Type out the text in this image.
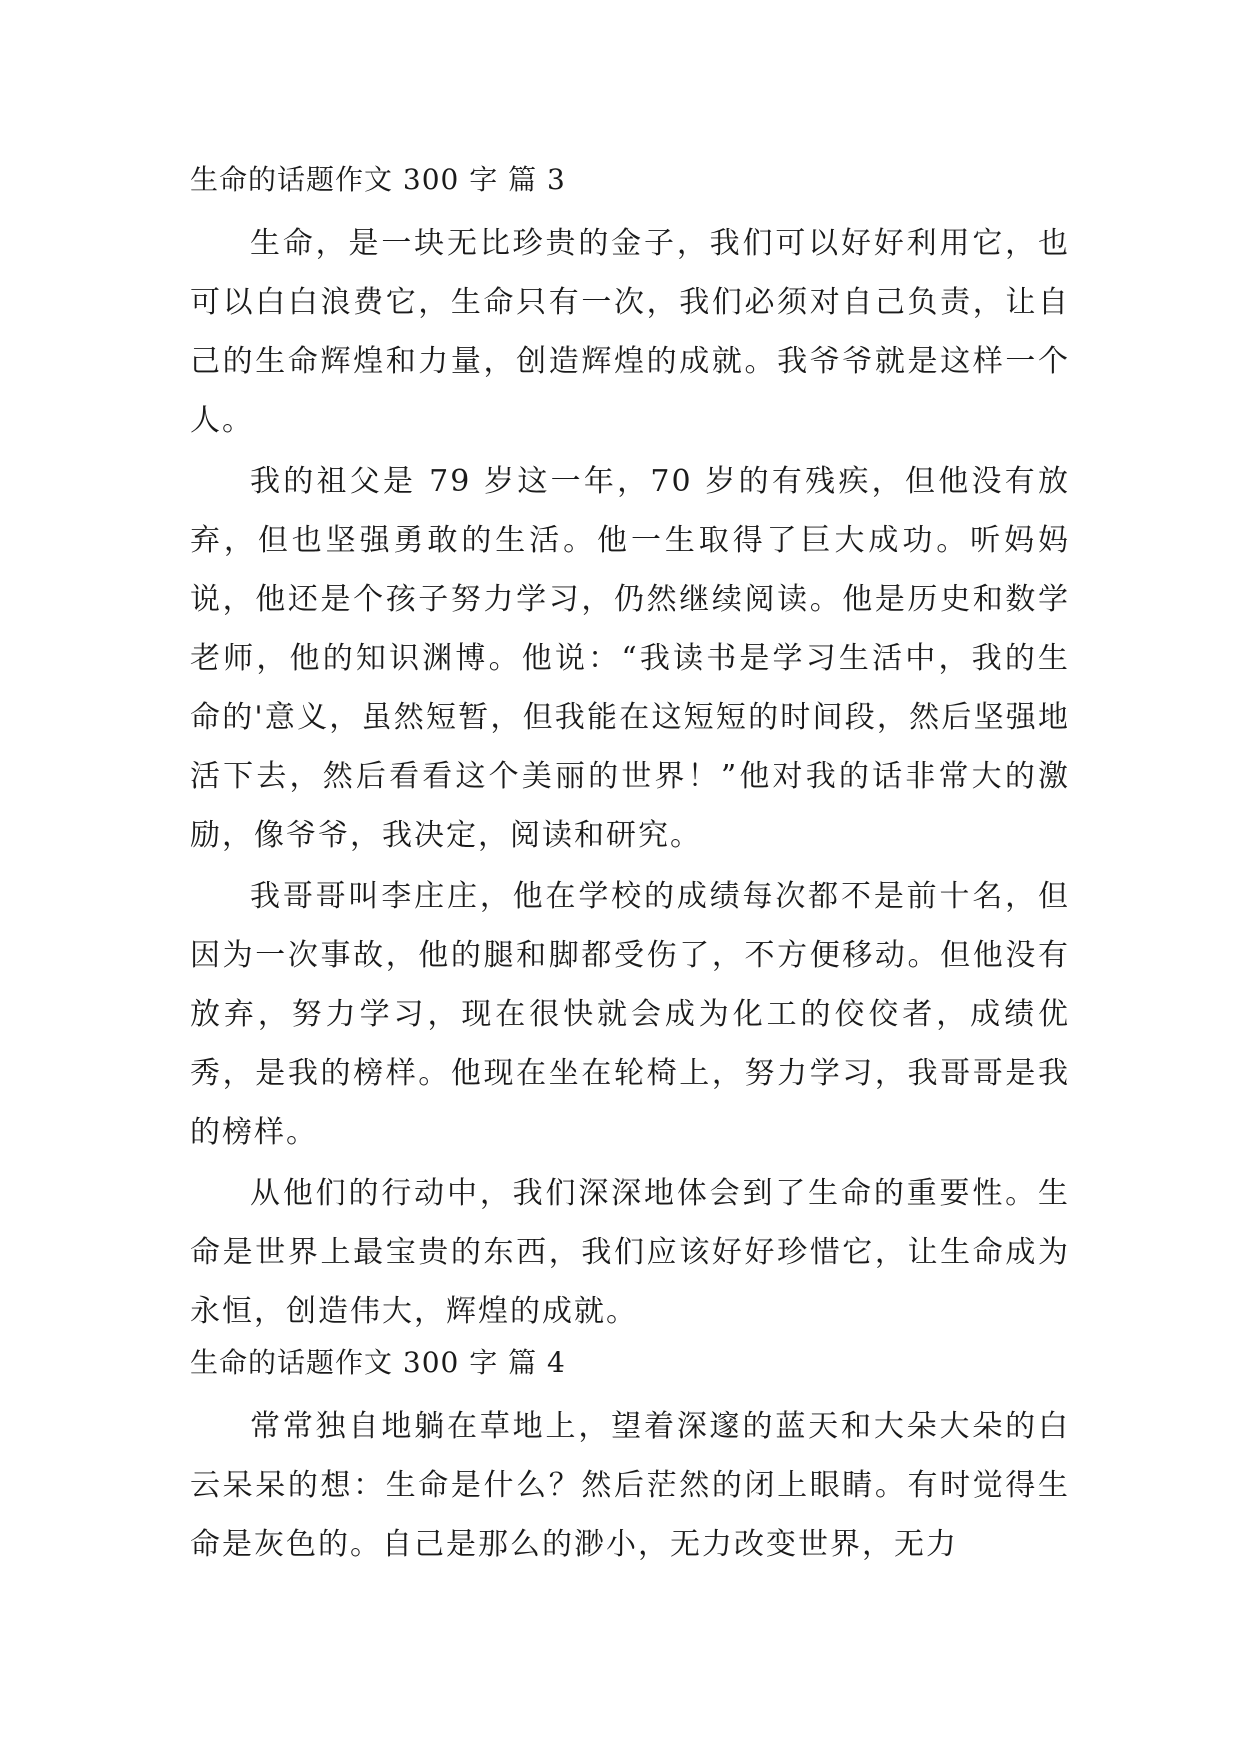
生命的话题作文 300 字 篇 3

生命，是一块无比珍贵的金子，我们可以好好利用它，也可以白白浪费它，生命只有一次，我们必须对自己负责，让自己的生命辉煌和力量，创造辉煌的成就。我爷爷就是这样一个人。

我的祖父是 79 岁这一年，70 岁的有残疾，但他没有放弃，但也坚强勇敢的生活。他一生取得了巨大成功。听妈妈说，他还是个孩子努力学习，仍然继续阅读。他是历史和数学老师，他的知识渊博。他说：“我读书是学习生活中，我的生命的'意义，虽然短暂，但我能在这短短的时间段，然后坚强地活下去，然后看看这个美丽的世界！”他对我的话非常大的激励，像爷爷，我决定，阅读和研究。

我哥哥叫李庄庄，他在学校的成绩每次都不是前十名，但因为一次事故，他的腿和脚都受伤了，不方便移动。但他没有放弃，努力学习，现在很快就会成为化工的佼佼者，成绩优秀，是我的榜样。他现在坐在轮椅上，努力学习，我哥哥是我的榜样。

从他们的行动中，我们深深地体会到了生命的重要性。生命是世界上最宝贵的东西，我们应该好好珍惜它，让生命成为永恒，创造伟大，辉煌的成就。

生命的话题作文 300 字 篇 4

常常独自地躺在草地上，望着深邃的蓝天和大朵大朵的白云呆呆的想：生命是什么？然后茫然的闭上眼睛。有时觉得生命是灰色的。自己是那么的渺小，无力改变世界，无力
